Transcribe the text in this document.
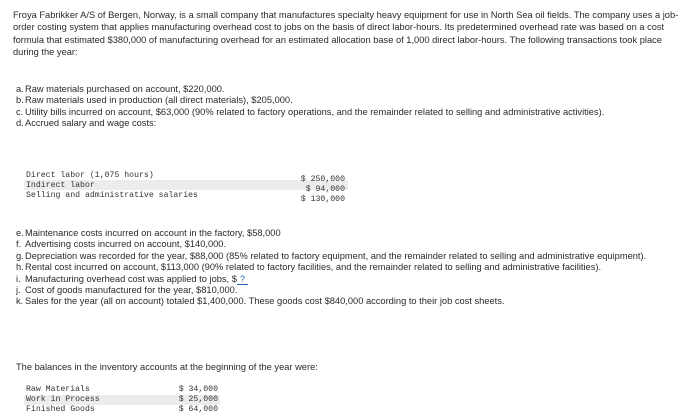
Froya Fabrikker A/S of Bergen, Norway, is a small company that manufactures specialty heavy equipment for use in North Sea oil fields. The company uses a job-order costing system that applies manufacturing overhead cost to jobs on the basis of direct labor-hours. Its predetermined overhead rate was based on a cost formula that estimated $380,000 of manufacturing overhead for an estimated allocation base of 1,000 direct labor-hours. The following transactions took place during the year:

a. Raw materials purchased on account, $220,000.
b. Raw materials used in production (all direct materials), $205,000.
c. Utility bills incurred on account, $63,000 (90% related to factory operations, and the remainder related to selling and administrative activities).
d. Accrued salary and wage costs:
Direct labor (1,075 hours)
Indirect labor
Selling and administrative salaries
$ 250,000
$ 94,000
$ 130,000
e. Maintenance costs incurred on account in the factory, $58,000
f. Advertising costs incurred on account, $140,000.
g. Depreciation was recorded for the year, $88,000 (85% related to factory equipment, and the remainder related to selling and administrative equipment).
h. Rental cost incurred on account, $113,000 (90% related to factory facilities, and the remainder related to selling and administrative facilities).
i. Manufacturing overhead cost was applied to jobs, $ ?
j. Cost of goods manufactured for the year, $810,000.
k. Sales for the year (all on account) totaled $1,400,000. These goods cost $840,000 according to their job cost sheets.

The balances in the inventory accounts at the beginning of the year were:

Raw Materials
Work in Process
Finished Goods
$ 34,000
$ 25,000
$ 64,000
